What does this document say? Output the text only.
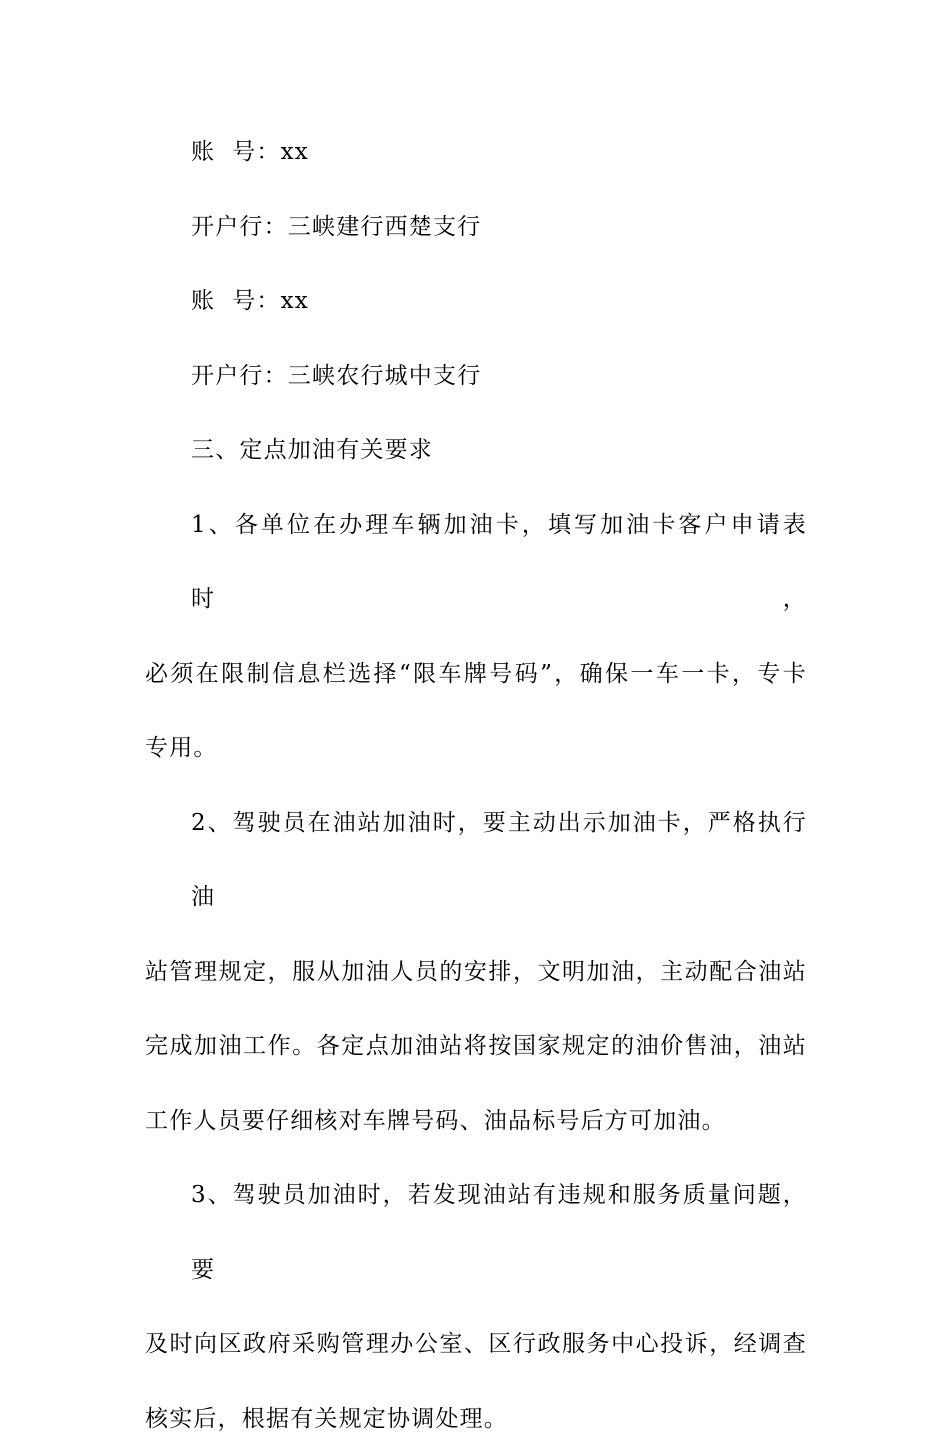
账  号：xx

开户行：三峡建行西楚支行

账  号：xx

开户行：三峡农行城中支行

三、定点加油有关要求

1、各单位在办理车辆加油卡，填写加油卡客户申请表时，
必须在限制信息栏选择“限车牌号码”，确保一车一卡，专卡
专用。

2、驾驶员在油站加油时，要主动出示加油卡，严格执行油
站管理规定，服从加油人员的安排，文明加油，主动配合油站
完成加油工作。各定点加油站将按国家规定的油价售油，油站
工作人员要仔细核对车牌号码、油品标号后方可加油。

3、驾驶员加油时，若发现油站有违规和服务质量问题，要
及时向区政府采购管理办公室、区行政服务中心投诉，经调查
核实后，根据有关规定协调处理。
